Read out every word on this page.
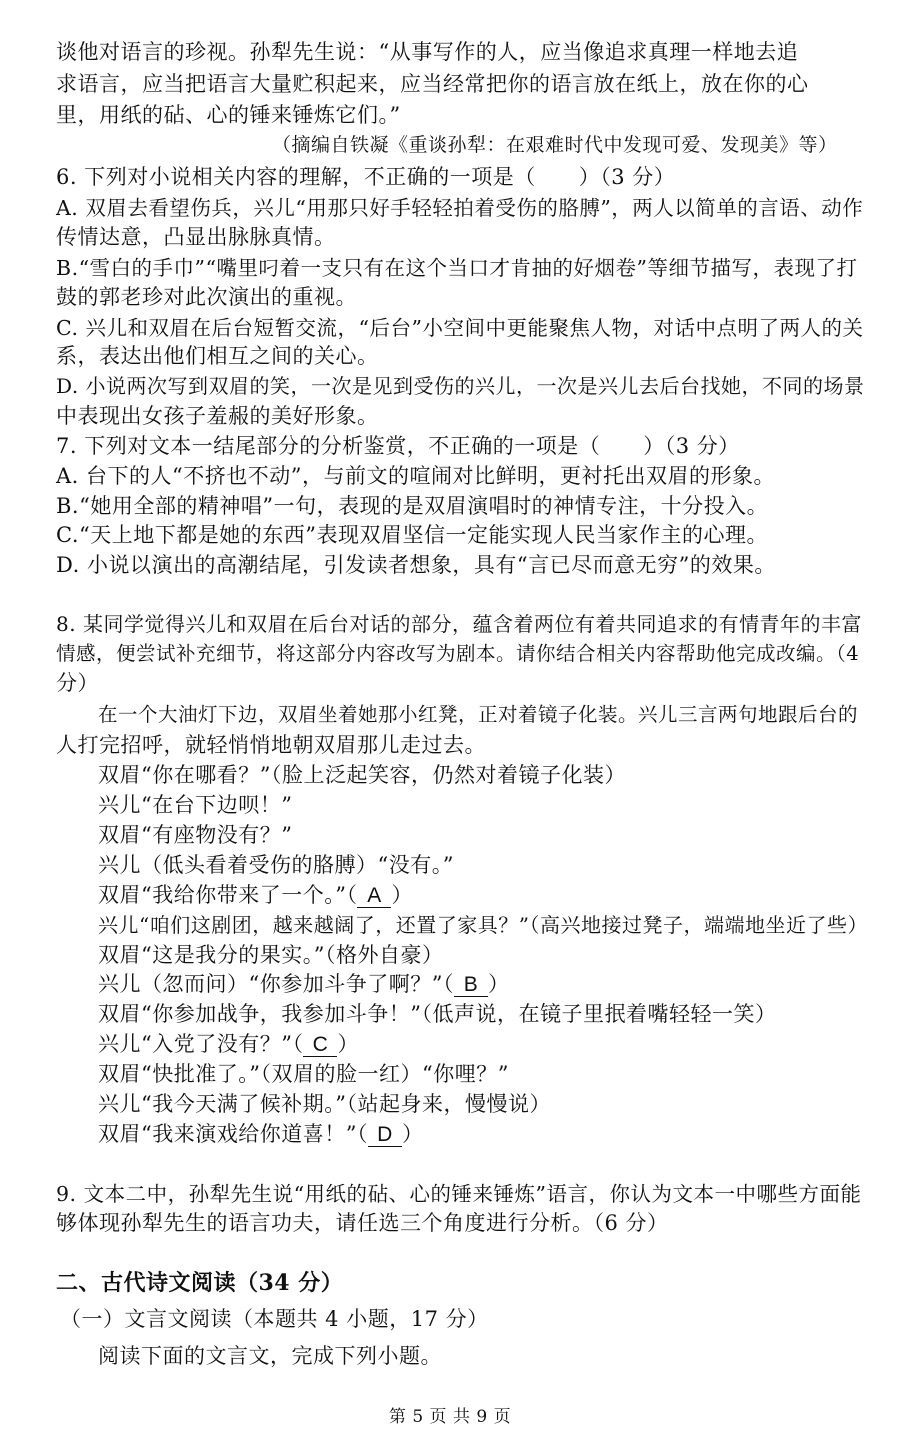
谈他对语言的珍视。孙犁先生说：“从事写作的人，应当像追求真理一样地去追
求语言，应当把语言大量贮积起来，应当经常把你的语言放在纸上，放在你的心
里，用纸的砧、心的锤来锤炼它们。”
（摘编自铁凝《重谈孙犁：在艰难时代中发现可爱、发现美》等）
6. 下列对小说相关内容的理解，不正确的一项是（　　）（3 分）
A. 双眉去看望伤兵，兴儿“用那只好手轻轻拍着受伤的胳膊”，两人以简单的言语、动作
传情达意，凸显出脉脉真情。
B.“雪白的手巾”“嘴里叼着一支只有在这个当口才肯抽的好烟卷”等细节描写，表现了打
鼓的郭老珍对此次演出的重视。
C. 兴儿和双眉在后台短暂交流，“后台”小空间中更能聚焦人物，对话中点明了两人的关
系，表达出他们相互之间的关心。
D. 小说两次写到双眉的笑，一次是见到受伤的兴儿，一次是兴儿去后台找她，不同的场景
中表现出女孩子羞赧的美好形象。
7. 下列对文本一结尾部分的分析鉴赏，不正确的一项是（　　）（3 分）
A. 台下的人“不挤也不动”，与前文的喧闹对比鲜明，更衬托出双眉的形象。
B.“她用全部的精神唱”一句，表现的是双眉演唱时的神情专注，十分投入。
C.“天上地下都是她的东西”表现双眉坚信一定能实现人民当家作主的心理。
D. 小说以演出的高潮结尾，引发读者想象，具有“言已尽而意无穷”的效果。
8. 某同学觉得兴儿和双眉在后台对话的部分，蕴含着两位有着共同追求的有情青年的丰富
情感，便尝试补充细节，将这部分内容改写为剧本。请你结合相关内容帮助他完成改编。（4
分）
在一个大油灯下边，双眉坐着她那小红凳，正对着镜子化装。兴儿三言两句地跟后台的
人打完招呼，就轻悄悄地朝双眉那儿走过去。
双眉“你在哪看？”（脸上泛起笑容，仍然对着镜子化装）
兴儿“在台下边呗！”
双眉“有座物没有？”
兴儿（低头看着受伤的胳膊）“没有。”
双眉“我给你带来了一个。”（ A ）
兴儿“咱们这剧团，越来越阔了，还置了家具？”（高兴地接过凳子，端端地坐近了些）
双眉“这是我分的果实。”（格外自豪）
兴儿（忽而问）“你参加斗争了啊？”（ B ）
双眉“你参加战争，我参加斗争！”（低声说，在镜子里抿着嘴轻轻一笑）
兴儿“入党了没有？”（ C ）
双眉“快批准了。”（双眉的脸一红）“你哩？”
兴儿“我今天满了候补期。”（站起身来，慢慢说）
双眉“我来演戏给你道喜！”（ D ）
9. 文本二中，孙犁先生说“用纸的砧、心的锤来锤炼”语言，你认为文本一中哪些方面能
够体现孙犁先生的语言功夫，请任选三个角度进行分析。（6 分）
二、古代诗文阅读（34 分）
（一）文言文阅读（本题共 4 小题，17 分）
阅读下面的文言文，完成下列小题。
第 5 页 共 9 页
